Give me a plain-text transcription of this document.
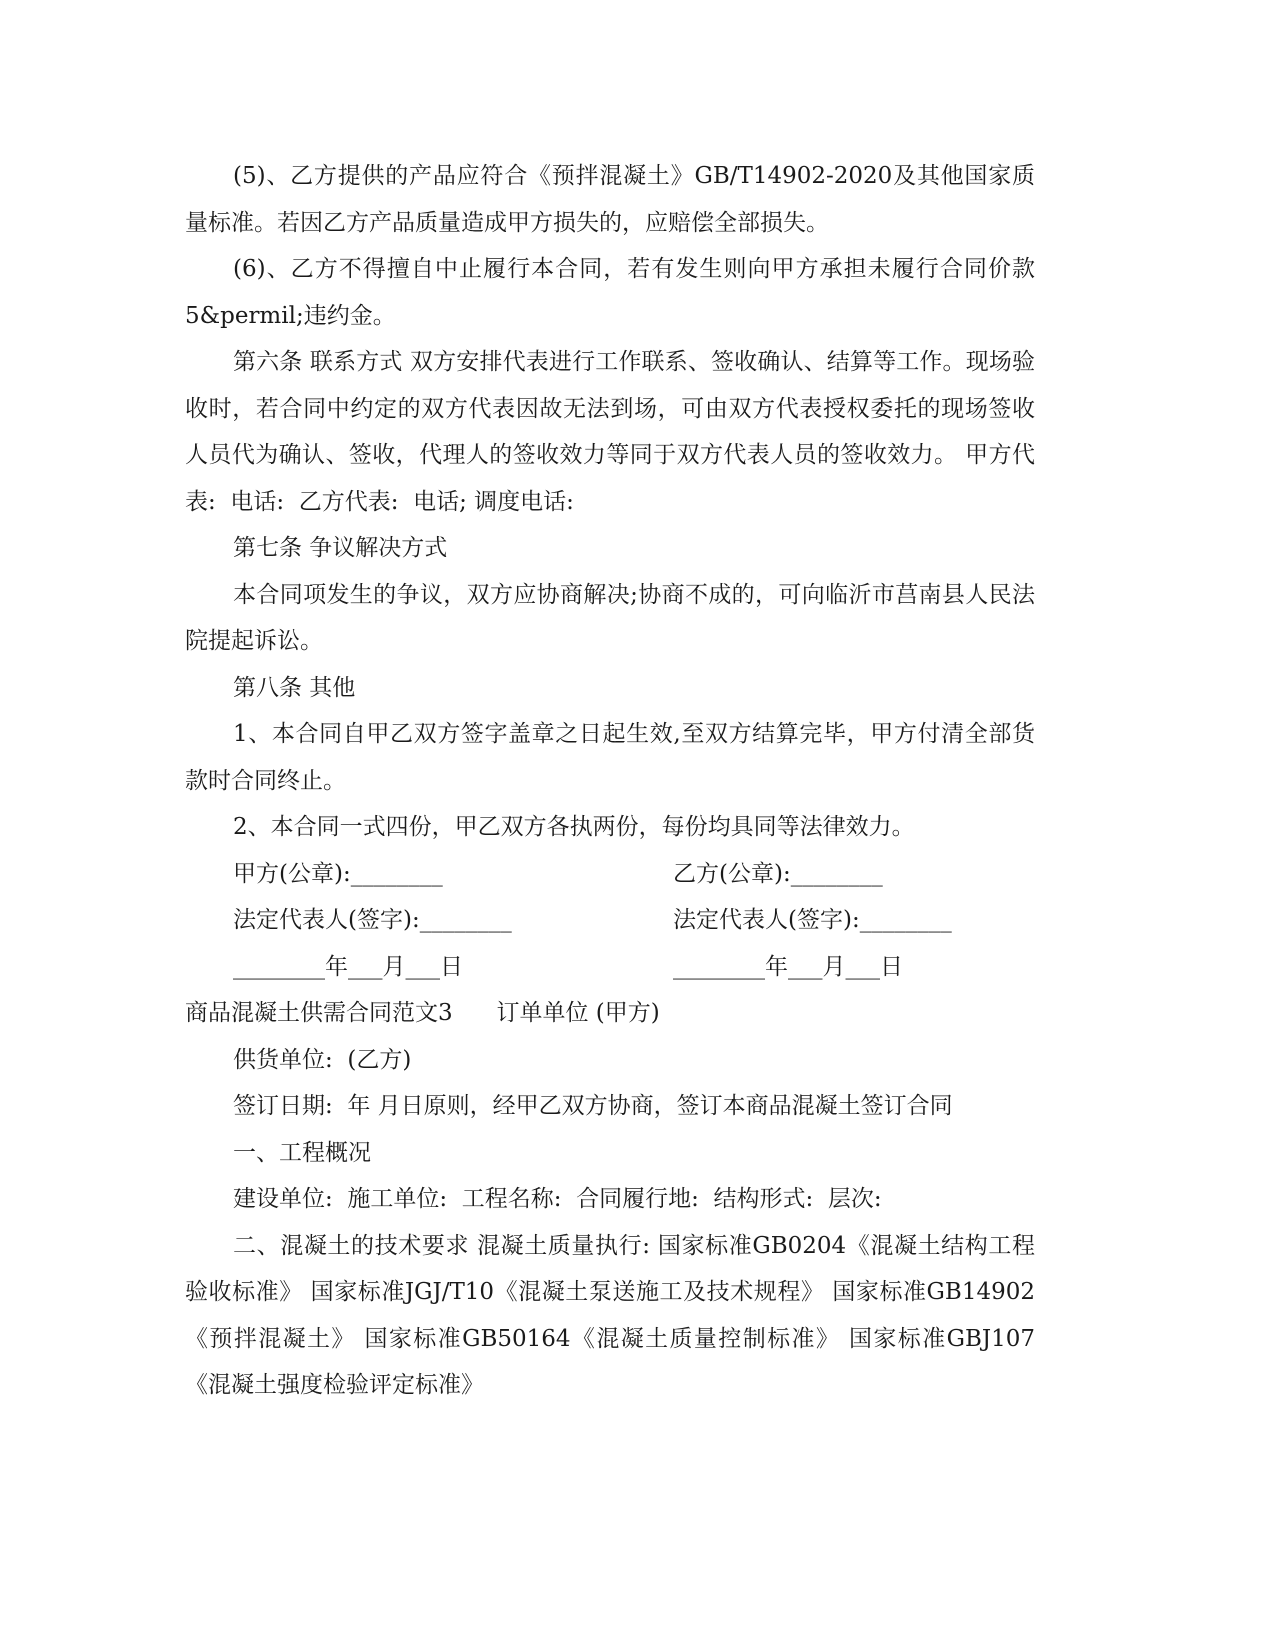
(5)、乙方提供的产品应符合《预拌混凝土》GB/T14902-2020及其他国家质量标准。若因乙方产品质量造成甲方损失的，应赔偿全部损失。

(6)、乙方不得擅自中止履行本合同，若有发生则向甲方承担未履行合同价款5&permil;违约金。

第六条 联系方式 双方安排代表进行工作联系、签收确认、结算等工作。现场验收时，若合同中约定的双方代表因故无法到场，可由双方代表授权委托的现场签收人员代为确认、签收，代理人的签收效力等同于双方代表人员的签收效力。 甲方代表:  电话:  乙方代表:  电话; 调度电话:

第七条 争议解决方式

本合同项发生的争议，双方应协商解决;协商不成的，可向临沂市莒南县人民法院提起诉讼。

第八条 其他

1、本合同自甲乙双方签字盖章之日起生效,至双方结算完毕，甲方付清全部货款时合同终止。

2、本合同一式四份，甲乙双方各执两份，每份均具同等法律效力。

甲方(公章):________	乙方(公章):________
法定代表人(签字):________	法定代表人(签字):________
________年___月___日	________年___月___日

商品混凝土供需合同范文3      订单单位 (甲方)

供货单位:  (乙方)

签订日期:  年 月日原则，经甲乙双方协商，签订本商品混凝土签订合同

一、工程概况

建设单位:  施工单位:  工程名称:  合同履行地:  结构形式:  层次:

二、混凝土的技术要求 混凝土质量执行: 国家标准GB0204《混凝土结构工程验收标准》 国家标准JGJ/T10《混凝土泵送施工及技术规程》 国家标准GB14902《预拌混凝土》 国家标准GB50164《混凝土质量控制标准》 国家标准GBJ107《混凝土强度检验评定标准》
